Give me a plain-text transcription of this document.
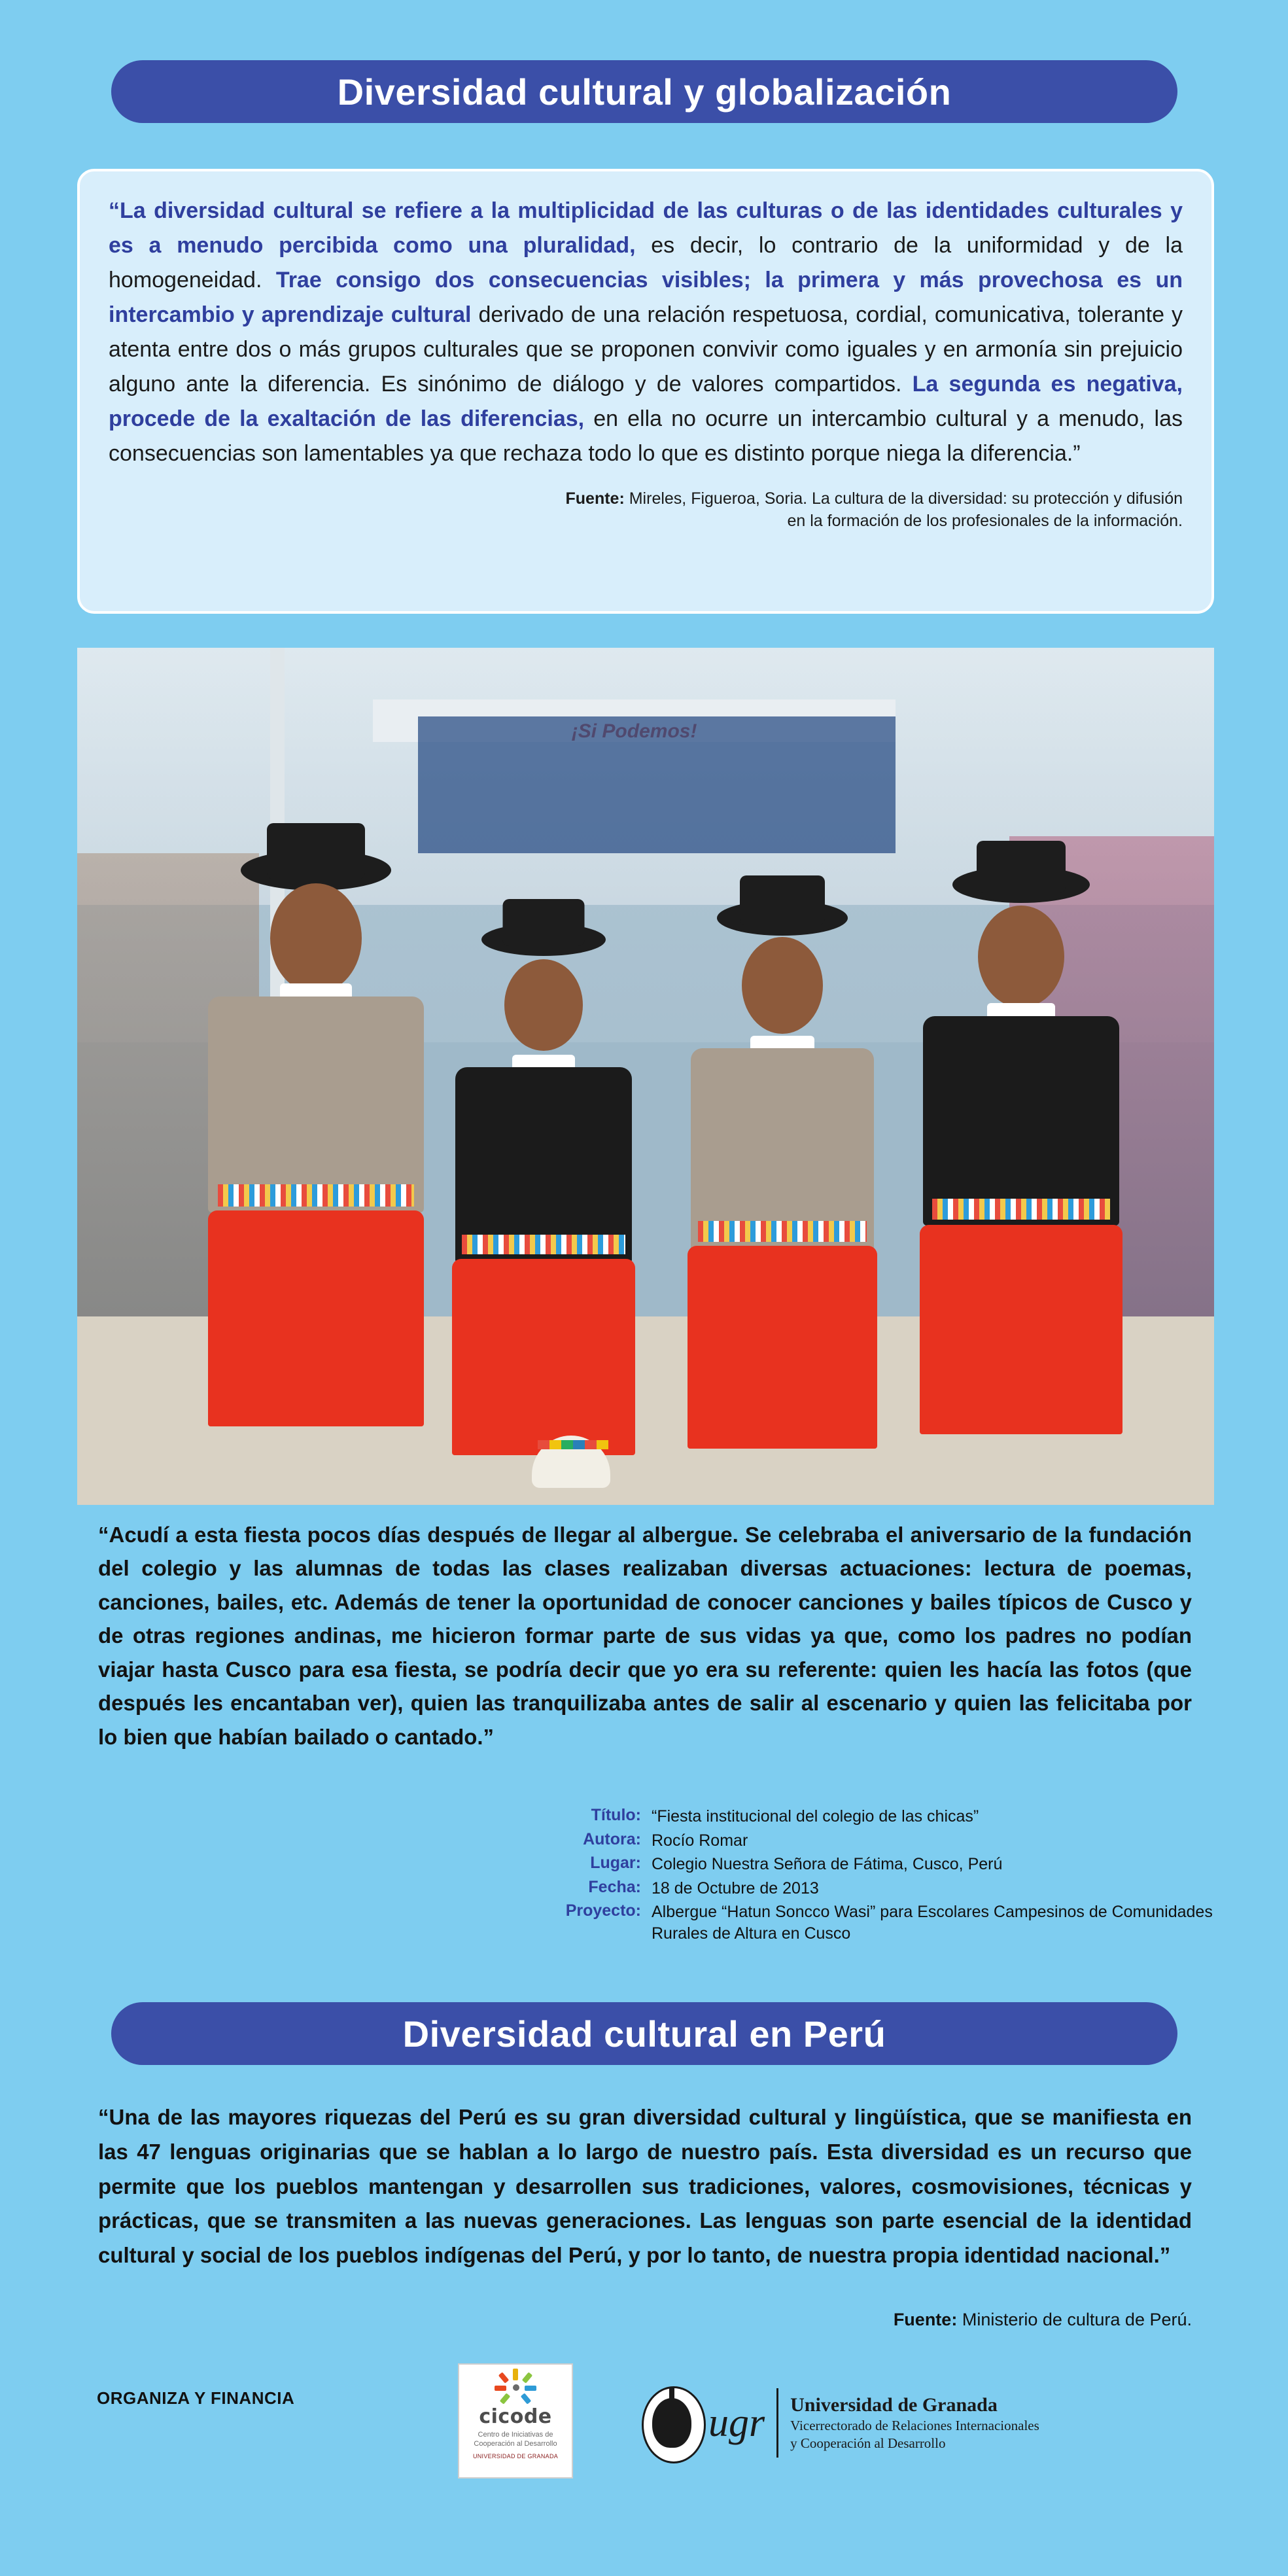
Diversidad cultural y globalización
“La diversidad cultural se refiere a la multiplicidad de las culturas o de las identidades culturales y es a menudo percibida como una pluralidad, es decir, lo contrario de la uniformidad y de la homogeneidad. Trae consigo dos consecuencias visibles; la primera y más provechosa es un intercambio y aprendizaje cultural derivado de una relación respetuosa, cordial, comunicativa, tolerante y atenta entre dos o más grupos culturales que se proponen convivir como iguales y en armonía sin prejuicio alguno ante la diferencia. Es sinónimo de diálogo y de valores compartidos. La segunda es negativa, procede de la exaltación de las diferencias, en ella no ocurre un intercambio cultural y a menudo, las consecuencias son lamentables ya que rechaza todo lo que es distinto porque niega la diferencia.”
Fuente: Mireles, Figueroa, Soria. La cultura de la diversidad: su protección y difusión
en la formación de los profesionales de la información.
“Acudí a esta fiesta pocos días después de llegar al albergue. Se celebraba el aniversario de la fundación del colegio y las alumnas de todas las clases realizaban diversas actuaciones: lectura de poemas, canciones, bailes, etc. Además de tener la oportunidad de conocer canciones y bailes típicos de Cusco y de otras regiones andinas, me hicieron formar parte de sus vidas ya que, como los padres no podían viajar hasta Cusco para esa fiesta, se podría decir que yo era su referente: quien les hacía las fotos (que después les encantaban ver), quien las tranquilizaba antes de salir al escenario y quien las felicitaba por lo bien que habían bailado o cantado.”
Título: “Fiesta institucional del colegio de las chicas”
Autora: Rocío Romar
Lugar: Colegio Nuestra Señora de Fátima, Cusco, Perú
Fecha: 18 de Octubre de 2013
Proyecto: Albergue “Hatun Soncco Wasi” para Escolares Campesinos de Comunidades Rurales de Altura en Cusco
Diversidad cultural en Perú
“Una de las mayores riquezas del Perú es su gran diversidad cultural y lingüística, que se manifiesta en las 47 lenguas originarias que se hablan a lo largo de nuestro país. Esta diversidad es un recurso que permite que los pueblos mantengan y desarrollen sus tradiciones, valores, cosmovisiones, técnicas y prácticas, que se transmiten a las nuevas generaciones. Las lenguas son parte esencial de la identidad cultural y social de los pueblos indígenas del Perú, y por lo tanto, de nuestra propia identidad nacional.”
Fuente: Ministerio de cultura de Perú.
ORGANIZA Y FINANCIA
cicode
Centro de Iniciativas de Cooperación al Desarrollo
UNIVERSIDAD DE GRANADA
ugr Universidad de Granada
Vicerrectorado de Relaciones Internacionales
y Cooperación al Desarrollo
